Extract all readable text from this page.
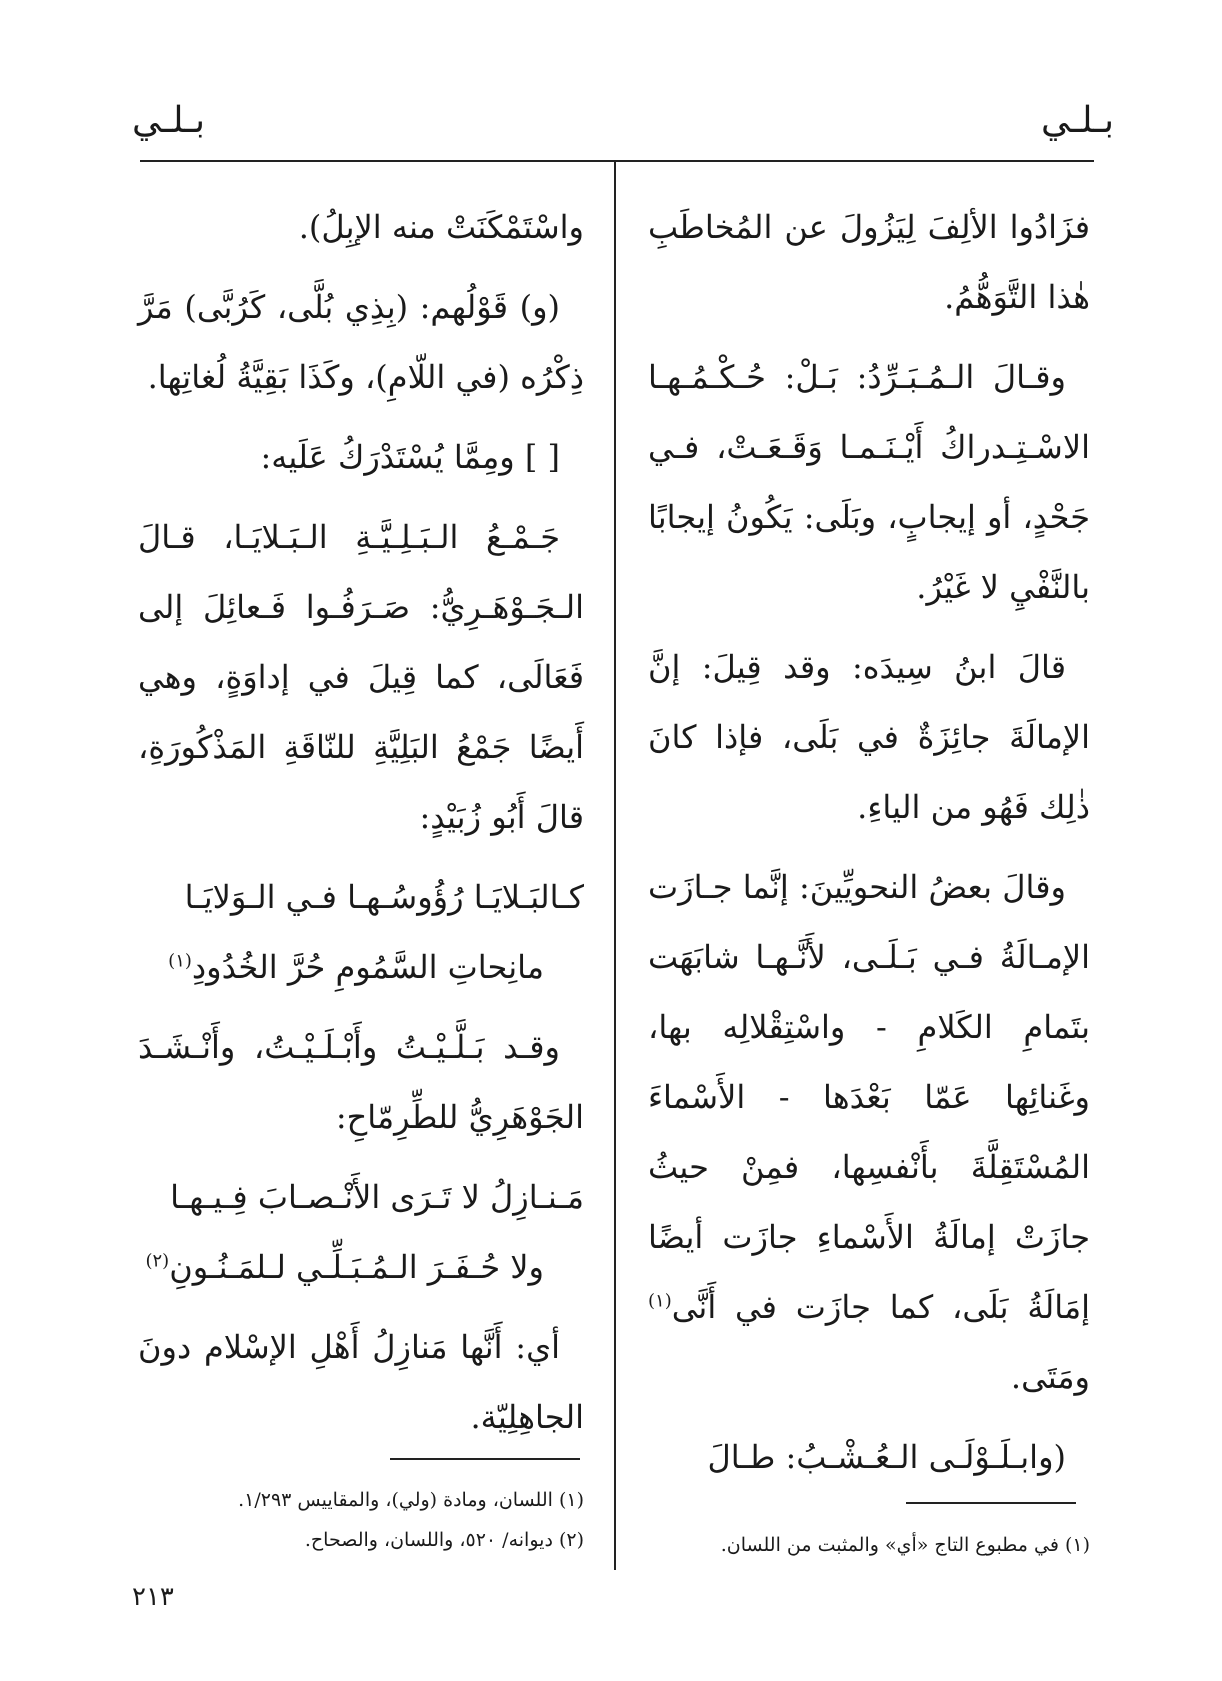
بـلـي
بـلـي

فزَادُوا الألِفَ لِيَزُولَ عن المُخاطَبِ هٰذا التَّوَهُّمُ.

وقـالَ الـمُـبَـرِّدُ: بَـلْ: حُـكْـمُـهـا الاسْـتِـدراكُ أَيْـنَـمـا وَقَـعَـتْ، فـي جَحْدٍ، أو إيجابٍ، وبَلَى: يَكُونُ إيجابًا بالنَّفْيِ لا غَيْرُ.

قالَ ابنُ سِيدَه: وقد قِيلَ: إنَّ الإمالَةَ جائِزَةٌ في بَلَى، فإذا كانَ ذٰلِك فَهُو من الياءِ.

وقالَ بعضُ النحويِّينَ: إنَّما جـازَت الإمـالَةُ فـي بَـلَـى، لأَنَّـهـا شابَهَت بتَمامِ الكَلامِ - واسْتِقْلالِه بها، وغَنائِها عَمّا بَعْدَها - الأَسْماءَ المُسْتَقِلَّةَ بأَنْفسِها، فمِنْ حيثُ جازَتْ إمالَةُ الأَسْماءِ جازَت أيضًا إمَالَةُ بَلَى، كما جازَت في أَنَّى$^{(١)}$ ومَتَى.

(وابـلَـوْلَـى الـعُـشْـبُ: طـالَ

واسْتَمْكَنَتْ منه الإبِلُ).

(و) قَوْلُهم: (بِذِي بُلَّى، كَرُبَّى) مَرَّ ذِكْرُه (في اللّامِ)، وكَذَا بَقِيَّةُ لُغاتِها.

[ ] ومِمَّا يُسْتَدْرَكُ عَلَيه:

جَـمْـعُ الـبَـلِـيَّـةِ الـبَـلايَـا، قـالَ الـجَـوْهَـرِيُّ: صَـرَفُـوا فَـعائِلَ إلى فَعَالَى، كما قِيلَ في إداوَةٍ، وهي أَيضًا جَمْعُ البَلِيَّةِ للنّاقَةِ المَذْكُورَةِ، قالَ أَبُو زُبَيْدٍ:

كـالبَـلايَـا رُؤُوسُـهـا فـي الـوَلايَـا

مانِحاتِ السَّمُومِ حُرَّ الخُدُودِ$^{(١)}$

وقـد بَـلَّـيْـتُ وأَبْـلَـيْـتُ، وأَنْـشَـدَ الجَوْهَرِيُّ للطِّرِمّاحِ:

مَـنـازِلُ لا تَـرَى الأَنْـصـابَ فِـيـهـا

ولا حُـفَـرَ الـمُـبَـلِّـي لـلمَـنُـونِ$^{(٢)}$

أي: أَنَّها مَنازِلُ أَهْلِ الإسْلام دونَ الجاهِلِيّة.

(١) في مطبوع التاج «أي» والمثبت من اللسان.
(١) اللسان، ومادة (ولي)، والمقاييس ١/٢٩٣.
(٢) ديوانه/ ٥٢٠، واللسان، والصحاح.
٢١٣
